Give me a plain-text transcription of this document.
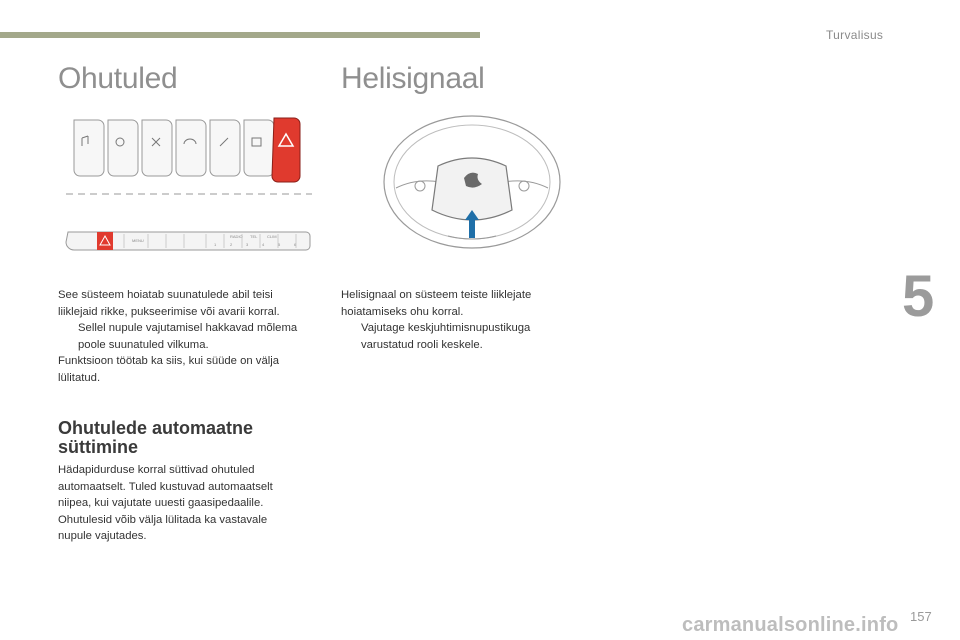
Turvalisus
5
Ohutuled	Helisignaal
MENU
RADIO TEL CLIM
1	2	3	4	5	6

See süsteem hoiatab suunatulede abil teisi liiklejaid rikke, pukseerimise või avarii korral.

Sellel nupule vajutamisel hakkavad mõlema poole suunatuled vilkuma.

Funktsioon töötab ka siis, kui süüde on välja lülitatud.

Ohutulede automaatne süttimine

Hädapidurduse korral süttivad ohutuled automaatselt. Tuled kustuvad automaatselt niipea, kui vajutate uuesti gaasipedaalile. Ohutulesid võib välja lülitada ka vastavale nupule vajutades.

Helisignaal on süsteem teiste liiklejate hoiatamiseks ohu korral.

Vajutage keskjuhtimisnupustikuga varustatud rooli keskele.
carmanualsonline.info 157
